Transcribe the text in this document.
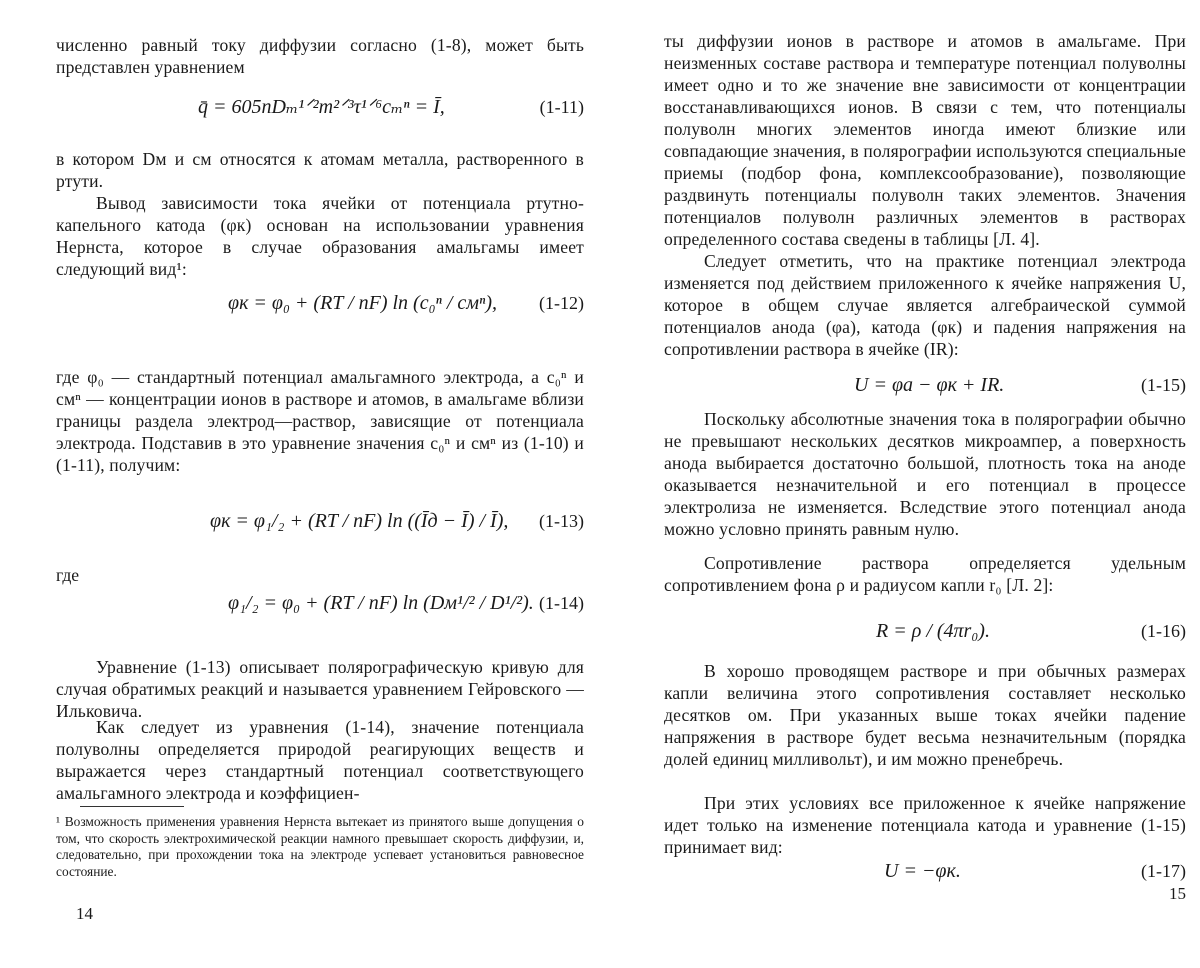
численно равный току диффузии согласно (1-8), может быть представлен уравнением

q̄ = 605nDₘ¹ᐟ²m²ᐟ³τ¹ᐟ⁶cₘⁿ = Ī,	(1-11)

в котором Dм и cм относятся к атомам металла, растворенного в ртути.

Вывод зависимости тока ячейки от потенциала ртутно-капельного катода (φк) основан на использовании уравнения Нернста, которое в случае образования амальгамы имеет следующий вид¹:

φк = φ₀ + (RT / nF) ln (c₀ⁿ / cмⁿ), (1-12)

где φ₀ — стандартный потенциал амальгамного электрода, а c₀ⁿ и cмⁿ — концентрации ионов в растворе и атомов, в амальгаме вблизи границы раздела электрод—раствор, зависящие от потенциала электрода. Подставив в это уравнение значения c₀ⁿ и cмⁿ из (1-10) и (1-11), получим:

φк = φ₁/₂ + (RT / nF) ln ((Īд − Ī) / Ī), (1-13)
где
φ₁/₂ = φ₀ + (RT / nF) ln (Dм¹/² / D¹/²). (1-14)

Уравнение (1-13) описывает полярографическую кривую для случая обратимых реакций и называется уравнением Гейровского — Ильковича.

Как следует из уравнения (1-14), значение потенциала полуволны определяется природой реагирующих веществ и выражается через стандартный потенциал соответствующего амальгамного электрода и коэффициен-

¹ Возможность применения уравнения Нернста вытекает из принятого выше допущения о том, что скорость электрохимической реакции намного превышает скорость диффузии, и, следовательно, при прохождении тока на электроде успевает установиться равновесное состояние.

14

ты диффузии ионов в растворе и атомов в амальгаме. При неизменных составе раствора и температуре потенциал полуволны имеет одно и то же значение вне зависимости от концентрации восстанавливающихся ионов. В связи с тем, что потенциалы полуволн многих элементов иногда имеют близкие или совпадающие значения, в полярографии используются специальные приемы (подбор фона, комплексообразование), позволяющие раздвинуть потенциалы полуволн таких элементов. Значения потенциалов полуволн различных элементов в растворах определенного состава сведены в таблицы [Л. 4].

Следует отметить, что на практике потенциал электрода изменяется под действием приложенного к ячейке напряжения U, которое в общем случае является алгебраической суммой потенциалов анода (φа), катода (φк) и падения напряжения на сопротивлении раствора в ячейке (IR):

U = φа − φк + IR.	(1-15)

Поскольку абсолютные значения тока в полярографии обычно не превышают нескольких десятков микроампер, а поверхность анода выбирается достаточно большой, плотность тока на аноде оказывается незначительной и его потенциал в процессе электролиза не изменяется. Вследствие этого потенциал анода можно условно принять равным нулю.

Сопротивление раствора определяется удельным сопротивлением фона ρ и радиусом капли r₀ [Л. 2]:

R = ρ / (4πr₀).	(1-16)

В хорошо проводящем растворе и при обычных размерах капли величина этого сопротивления составляет несколько десятков ом. При указанных выше токах ячейки падение напряжения в растворе будет весьма незначительным (порядка долей единиц милливольт), и им можно пренебречь.

При этих условиях все приложенное к ячейке напряжение идет только на изменение потенциала катода и уравнение (1-15) принимает вид:

U = −φк.	(1-17)
15
